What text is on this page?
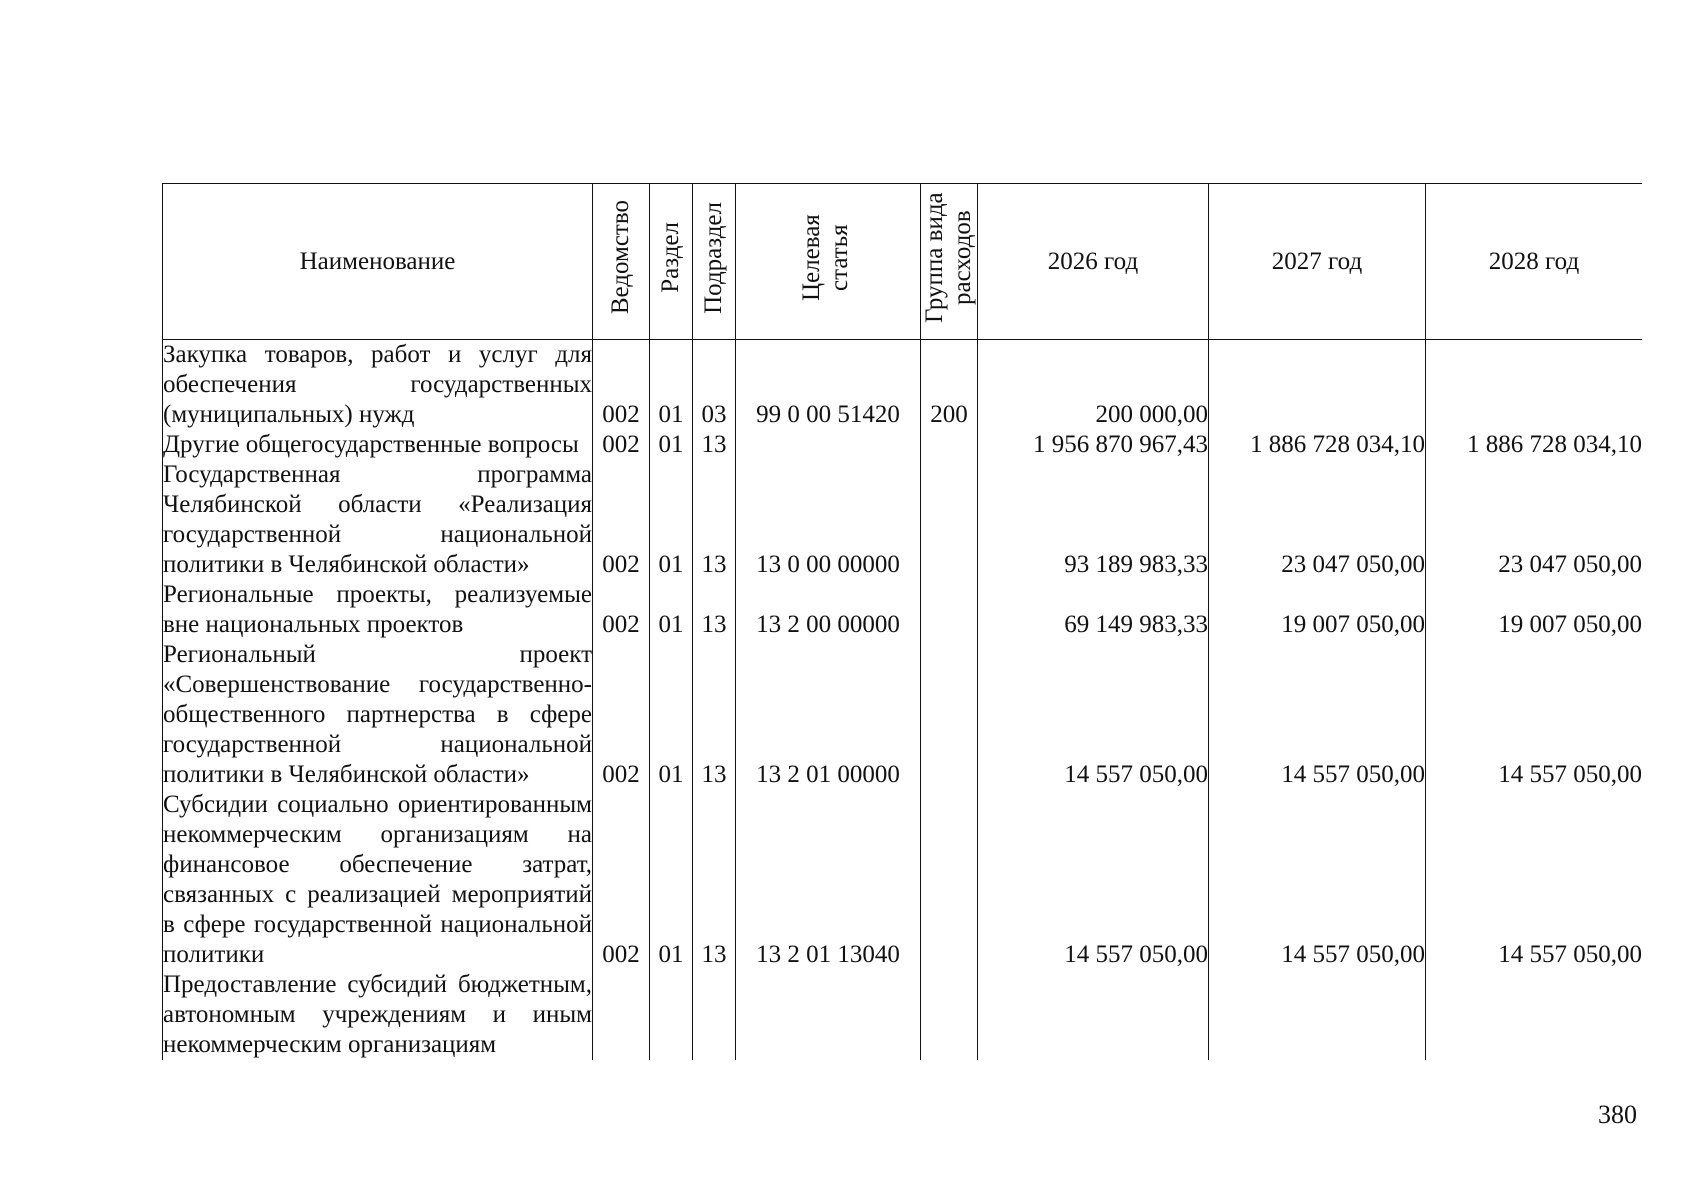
Наименование	Ведомство	Раздел	Подраздел	Целевая статья	Группа вида расходов	2026 год	2027 год	2028 год
Закупка товаров, работ и услуг для обеспечения государственных (муниципальных) нужд	002	01	03	99 0 00 51420	200	200 000,00		
Другие общегосударственные вопросы	002	01	13			1 956 870 967,43	1 886 728 034,10	1 886 728 034,10
Государственная программа Челябинской области «Реализация государственной национальной политики в Челябинской области»	002	01	13	13 0 00 00000		93 189 983,33	23 047 050,00	23 047 050,00
Региональные проекты, реализуемые вне национальных проектов	002	01	13	13 2 00 00000		69 149 983,33	19 007 050,00	19 007 050,00
Региональный проект «Совершенствование государственно-общественного партнерства в сфере государственной национальной политики в Челябинской области»	002	01	13	13 2 01 00000		14 557 050,00	14 557 050,00	14 557 050,00
Субсидии социально ориентированным некоммерческим организациям на финансовое обеспечение затрат, связанных с реализацией мероприятий в сфере государственной национальной политики	002	01	13	13 2 01 13040		14 557 050,00	14 557 050,00	14 557 050,00
Предоставление субсидий бюджетным, автономным учреждениям и иным некоммерческим организациям								
380
